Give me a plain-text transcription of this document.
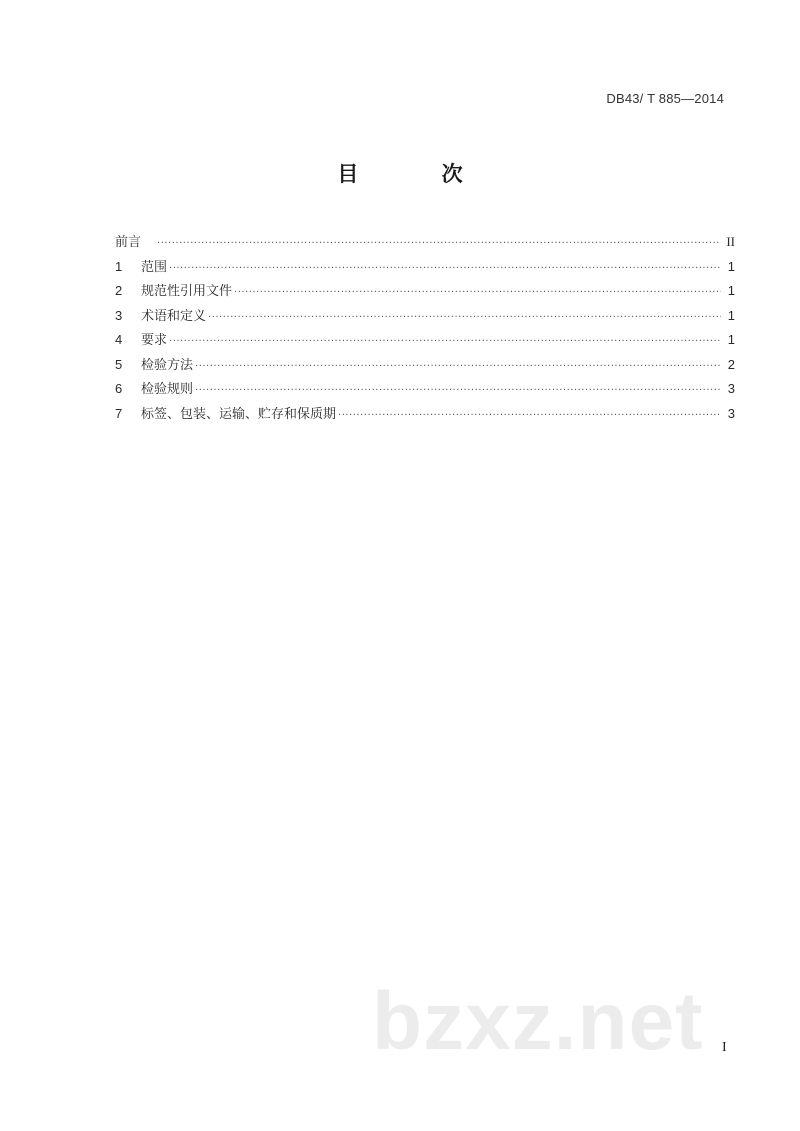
DB43/ T 885—2014
目 次
前言 ·····	II
1	范围 ·····	1
2	规范性引用文件 ·····	1
3	术语和定义 ·····	1
4	要求 ·····	1
5	检验方法 ·····	2
6	检验规则 ·····	3
7	标签、包装、运输、贮存和保质期 ·····	3
bzxz.net I
